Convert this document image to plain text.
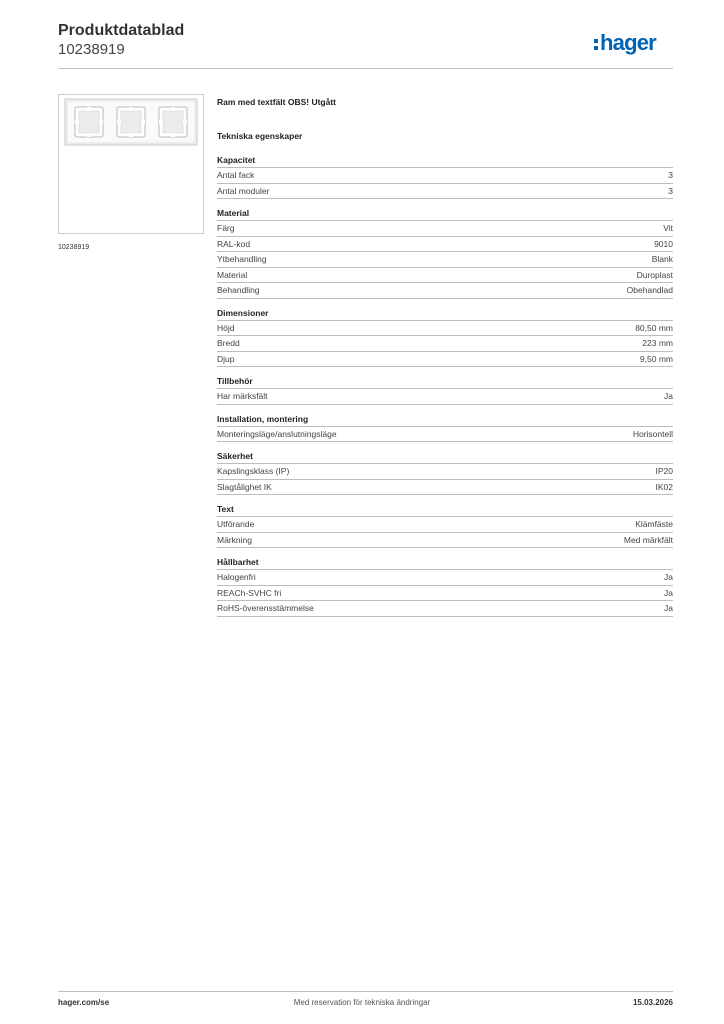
Produktdatablad
10238919	hager
10238919
Ram med textfält OBS! Utgått
Tekniska egenskaper
Kapacitet
Antal fack	3
Antal moduler	3
Material
Färg	Vit
RAL-kod	9010
Ytbehandling	Blank
Material	Duroplast
Behandling	Obehandlad
Dimensioner
Höjd	80,50 mm
Bredd	223 mm
Djup	9,50 mm
Tillbehör
Har märksfält	Ja
Installation, montering
Monteringsläge/anslutningsläge	Horisontell
Säkerhet
Kapslingsklass (IP)	IP20
Slagtålighet IK	IK02
Text
Utförande	Klämfäste
Märkning	Med märkfält
Hållbarhet
Halogenfri	Ja
REACh-SVHC fri	Ja
RoHS-överensstämmelse	Ja
hager.com/se	Med reservation för tekniska ändringar	15.03.2026
